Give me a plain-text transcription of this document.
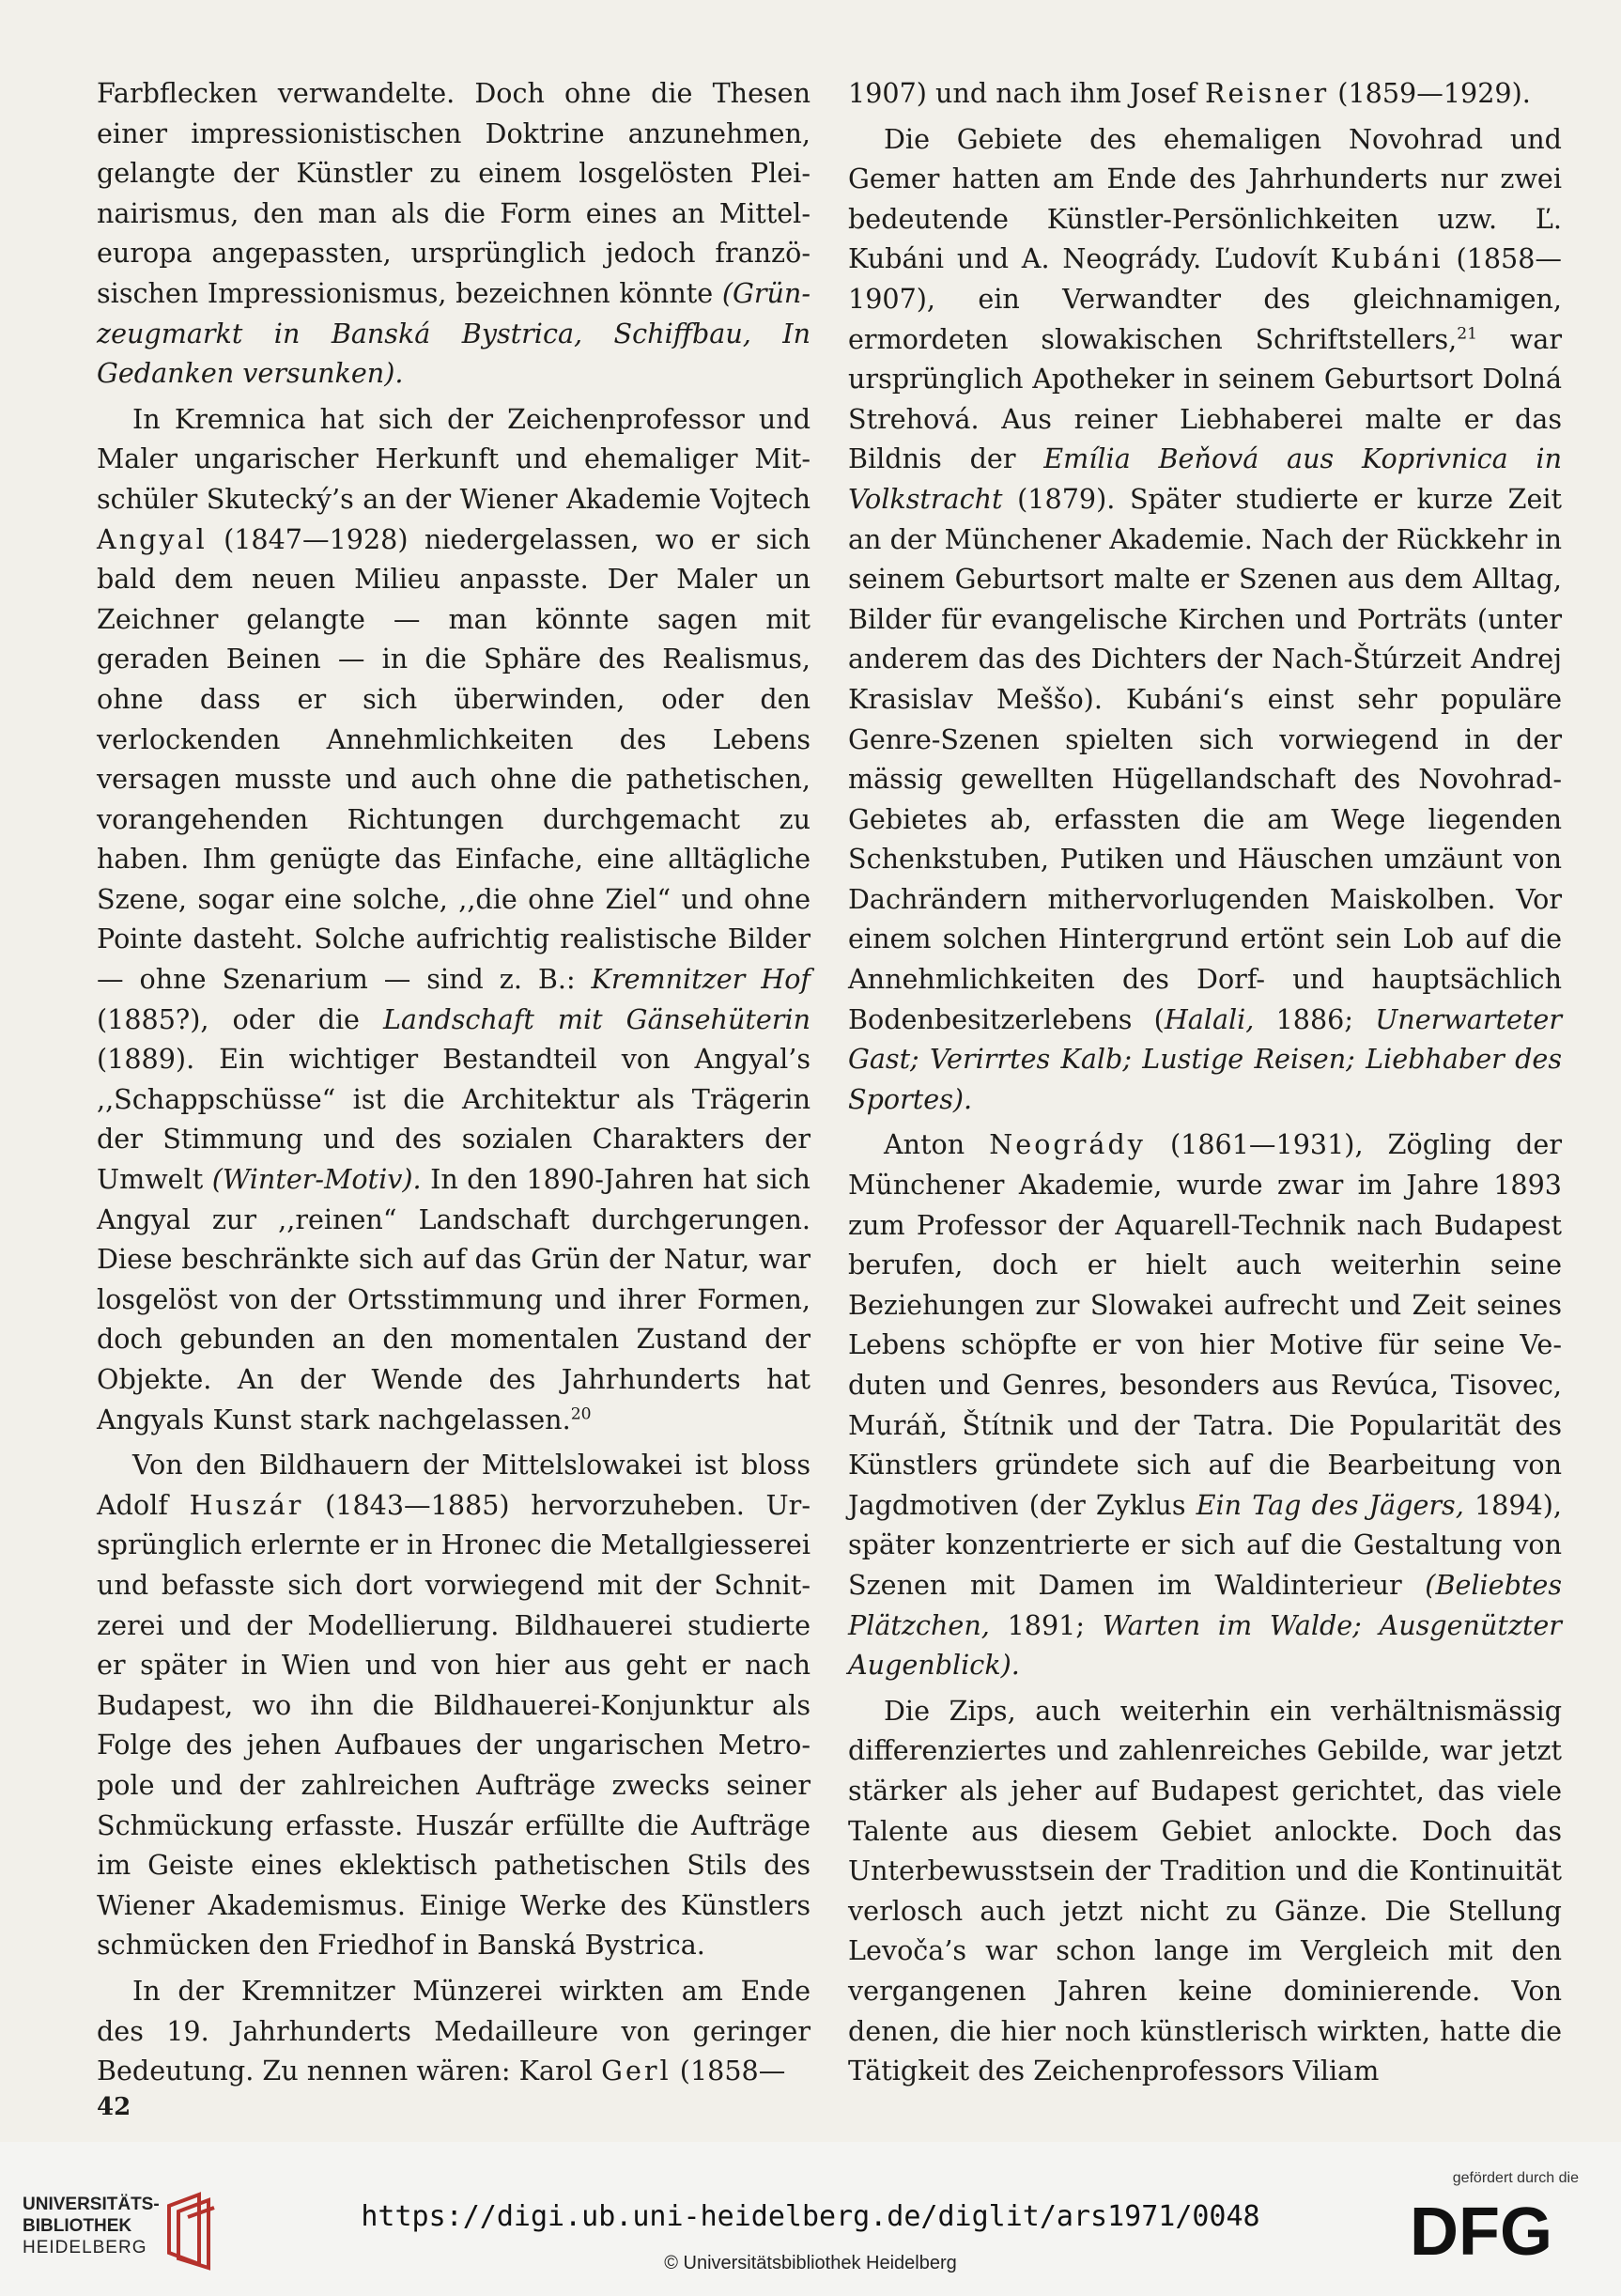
Farbflecken verwandelte. Doch ohne die Thesen einer impressionistischen Doktrine anzunehmen, gelangte der Künstler zu einem losgelösten Pleinairismus, den man als die Form eines an Mitteleuropa angepassten, ursprünglich jedoch französischen Impressionismus, bezeichnen könnte (Grünzeugmarkt in Banská Bystrica, Schiffbau, In Gedanken versunken).

In Kremnica hat sich der Zeichenprofessor und Maler ungarischer Herkunft und ehemaliger Mitschüler Skutecký’s an der Wiener Akademie Vojtech Angyal (1847—1928) niedergelassen, wo er sich bald dem neuen Milieu anpasste. Der Maler un Zeichner gelangte — man könnte sagen mit geraden Beinen — in die Sphäre des Realismus, ohne dass er sich überwinden, oder den verlockenden Annehmlichkeiten des Lebens versagen musste und auch ohne die pathetischen, vorangehenden Richtungen durchgemacht zu haben. Ihm genügte das Einfache, eine alltägliche Szene, sogar eine solche, ,,die ohne Ziel“ und ohne Pointe dasteht. Solche aufrichtig realistische Bilder — ohne Szenarium — sind z. B.: Kremnitzer Hof (1885?), oder die Landschaft mit Gänsehüterin (1889). Ein wichtiger Bestandteil von Angyal’s ,,Schappschüsse“ ist die Architektur als Trägerin der Stimmung und des sozialen Charakters der Umwelt (Winter-Motiv). In den 1890-Jahren hat sich Angyal zur ,,reinen“ Landschaft durchgerungen. Diese beschränkte sich auf das Grün der Natur, war losgelöst von der Ortsstimmung und ihrer Formen, doch gebunden an den momentalen Zustand der Objekte. An der Wende des Jahrhunderts hat Angyals Kunst stark nachgelassen.$^{20}$

Von den Bildhauern der Mittelslowakei ist bloss Adolf Huszár (1843—1885) hervorzuheben. Ursprünglich erlernte er in Hronec die Metallgiesserei und befasste sich dort vorwiegend mit der Schnitzerei und der Modellierung. Bildhauerei studierte er später in Wien und von hier aus geht er nach Budapest, wo ihn die Bildhauerei-Konjunktur als Folge des jehen Aufbaues der ungarischen Metropole und der zahlreichen Aufträge zwecks seiner Schmückung erfasste. Huszár erfüllte die Aufträge im Geiste eines eklektisch pathetischen Stils des Wiener Akademismus. Einige Werke des Künstlers schmücken den Friedhof in Banská Bystrica.

In der Kremnitzer Münzerei wirkten am Ende des 19. Jahrhunderts Medailleure von geringer Bedeutung. Zu nennen wären: Karol Gerl (1858—

1907) und nach ihm Josef Reisner (1859—1929).

Die Gebiete des ehemaligen Novohrad und Gemer hatten am Ende des Jahrhunderts nur zwei bedeutende Künstler-Persönlichkeiten uzw. Ľ. Kubáni und A. Neogrády. Ľudovít Kubáni (1858—1907), ein Verwandter des gleichnamigen, ermordeten slowakischen Schriftstellers,$^{21}$ war ursprünglich Apotheker in seinem Geburtsort Dolná Strehová. Aus reiner Liebhaberei malte er das Bildnis der Emília Beňová aus Koprivnica in Volkstracht (1879). Später studierte er kurze Zeit an der Münchener Akademie. Nach der Rückkehr in seinem Geburtsort malte er Szenen aus dem Alltag, Bilder für evangelische Kirchen und Porträts (unter anderem das des Dichters der Nach-Štúrzeit Andrej Krasislav Meššo). Kubáni‘s einst sehr populäre Genre-Szenen spielten sich vorwiegend in der mässig gewellten Hügellandschaft des Novohrad-Gebietes ab, erfassten die am Wege liegenden Schenkstuben, Putiken und Häuschen umzäunt von Dachrändern mithervorlugenden Maiskolben. Vor einem solchen Hintergrund ertönt sein Lob auf die Annehmlichkeiten des Dorf- und hauptsächlich Bodenbesitzerlebens (Halali, 1886; Unerwarteter Gast; Verirrtes Kalb; Lustige Reisen; Liebhaber des Sportes).

Anton Neogrády (1861—1931), Zögling der Münchener Akademie, wurde zwar im Jahre 1893 zum Professor der Aquarell-Technik nach Budapest berufen, doch er hielt auch weiterhin seine Beziehungen zur Slowakei aufrecht und Zeit seines Lebens schöpfte er von hier Motive für seine Veduten und Genres, besonders aus Revúca, Tisovec, Muráň, Štítnik und der Tatra. Die Popularität des Künstlers gründete sich auf die Bearbeitung von Jagdmotiven (der Zyklus Ein Tag des Jägers, 1894), später konzentrierte er sich auf die Gestaltung von Szenen mit Damen im Waldinterieur (Beliebtes Plätzchen, 1891; Warten im Walde; Ausgenützter Augenblick).

Die Zips, auch weiterhin ein verhältnismässig differenziertes und zahlenreiches Gebilde, war jetzt stärker als jeher auf Budapest gerichtet, das viele Talente aus diesem Gebiet anlockte. Doch das Unterbewusstsein der Tradition und die Kontinuität verlosch auch jetzt nicht zu Gänze. Die Stellung Levoča’s war schon lange im Vergleich mit den vergangenen Jahren keine dominierende. Von denen, die hier noch künstlerisch wirkten, hatte die Tätigkeit des Zeichenprofessors Viliam

42
UNIVERSITÄTS-
BIBLIOTHEK
HEIDELBERG
https://digi.ub.uni-heidelberg.de/diglit/ars1971/0048
© Universitätsbibliothek Heidelberg
gefördert durch die
DFG
